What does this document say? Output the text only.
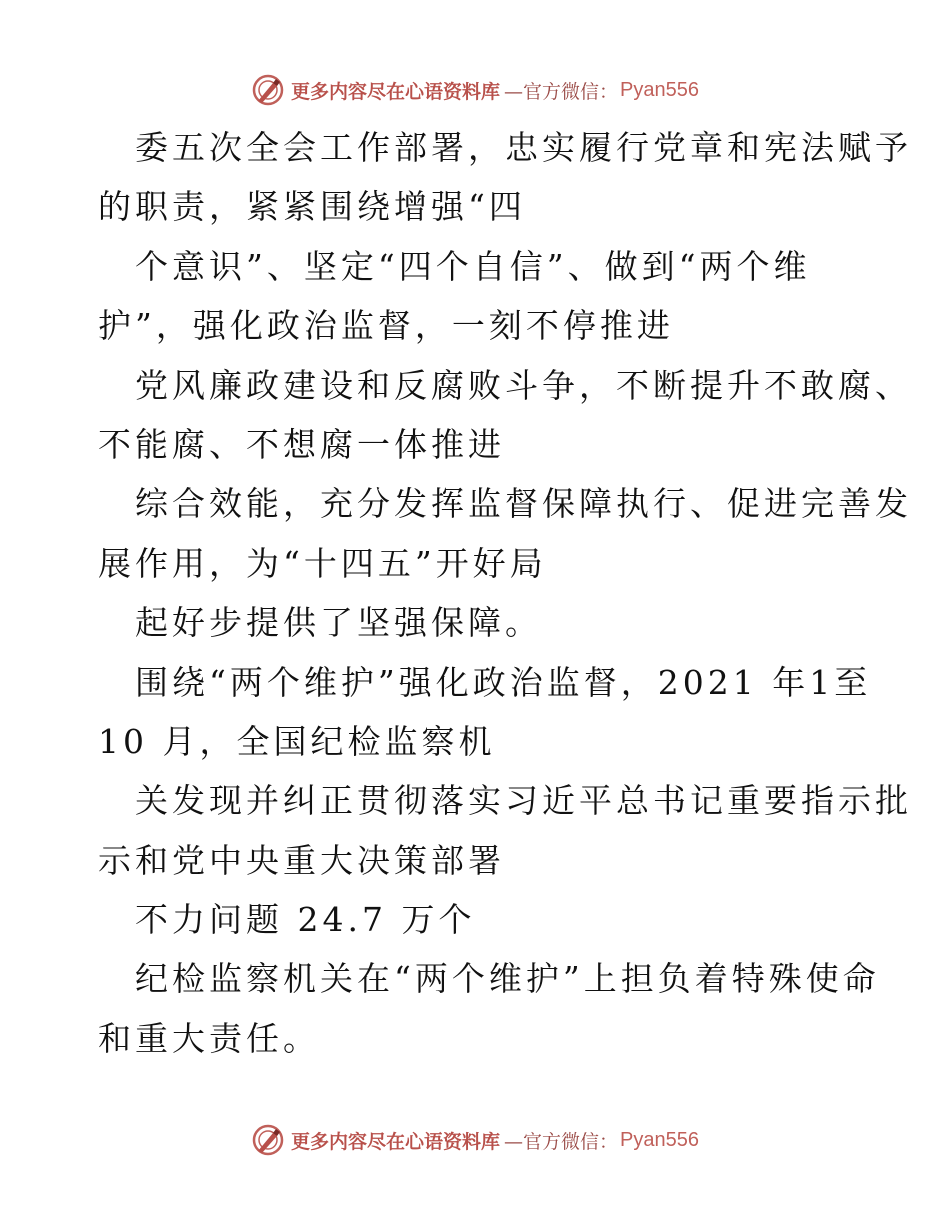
更多内容尽在心语资料库 —官方微信： Pyan556
委五次全会工作部署，忠实履行党章和宪法赋予
的职责，紧紧围绕增强“四
个意识”、坚定“四个自信”、做到“两个维
护”，强化政治监督，一刻不停推进
党风廉政建设和反腐败斗争，不断提升不敢腐、
不能腐、不想腐一体推进
综合效能，充分发挥监督保障执行、促进完善发
展作用，为“十四五”开好局
起好步提供了坚强保障。
围绕“两个维护”强化政治监督，2021 年1至
10 月，全国纪检监察机
关发现并纠正贯彻落实习近平总书记重要指示批
示和党中央重大决策部署
不力问题 24.7 万个
纪检监察机关在“两个维护”上担负着特殊使命
和重大责任。
更多内容尽在心语资料库 —官方微信： Pyan556
